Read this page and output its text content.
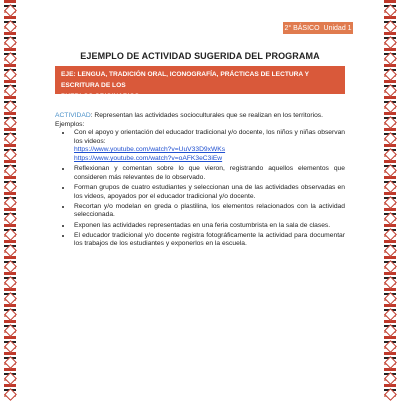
2° BÁSICO Unidad 1
EJEMPLO DE ACTIVIDAD SUGERIDA DEL PROGRAMA
EJE: LENGUA, TRADICIÓN ORAL, ICONOGRAFÍA, PRÁCTICAS DE LECTURA Y ESCRITURA DE LOS
PUEBLOS ORIGINARIOS.
ACTIVIDAD: Representan las actividades socioculturales que se realizan en los territorios.
Ejemplos:
• Con el apoyo y orientación del educador tradicional y/o docente, los niños y niñas observan los videos:
https://www.youtube.com/watch?v=UuV33D9xWKs
https://www.youtube.com/watch?v=oAFK3eC3iEw
• Reflexionan y comentan sobre lo que vieron, registrando aquellos elementos que consideren más relevantes de lo observado.
• Forman grupos de cuatro estudiantes y seleccionan una de las actividades observadas en los videos, apoyados por el educador tradicional y/o docente.
• Recortan y/o modelan en greda o plastilina, los elementos relacionados con la actividad seleccionada.
• Exponen las actividades representadas en una feria costumbrista en la sala de clases.
• El educador tradicional y/o docente registra fotográficamente la actividad para documentar los trabajos de los estudiantes y exponerlos en la escuela.
